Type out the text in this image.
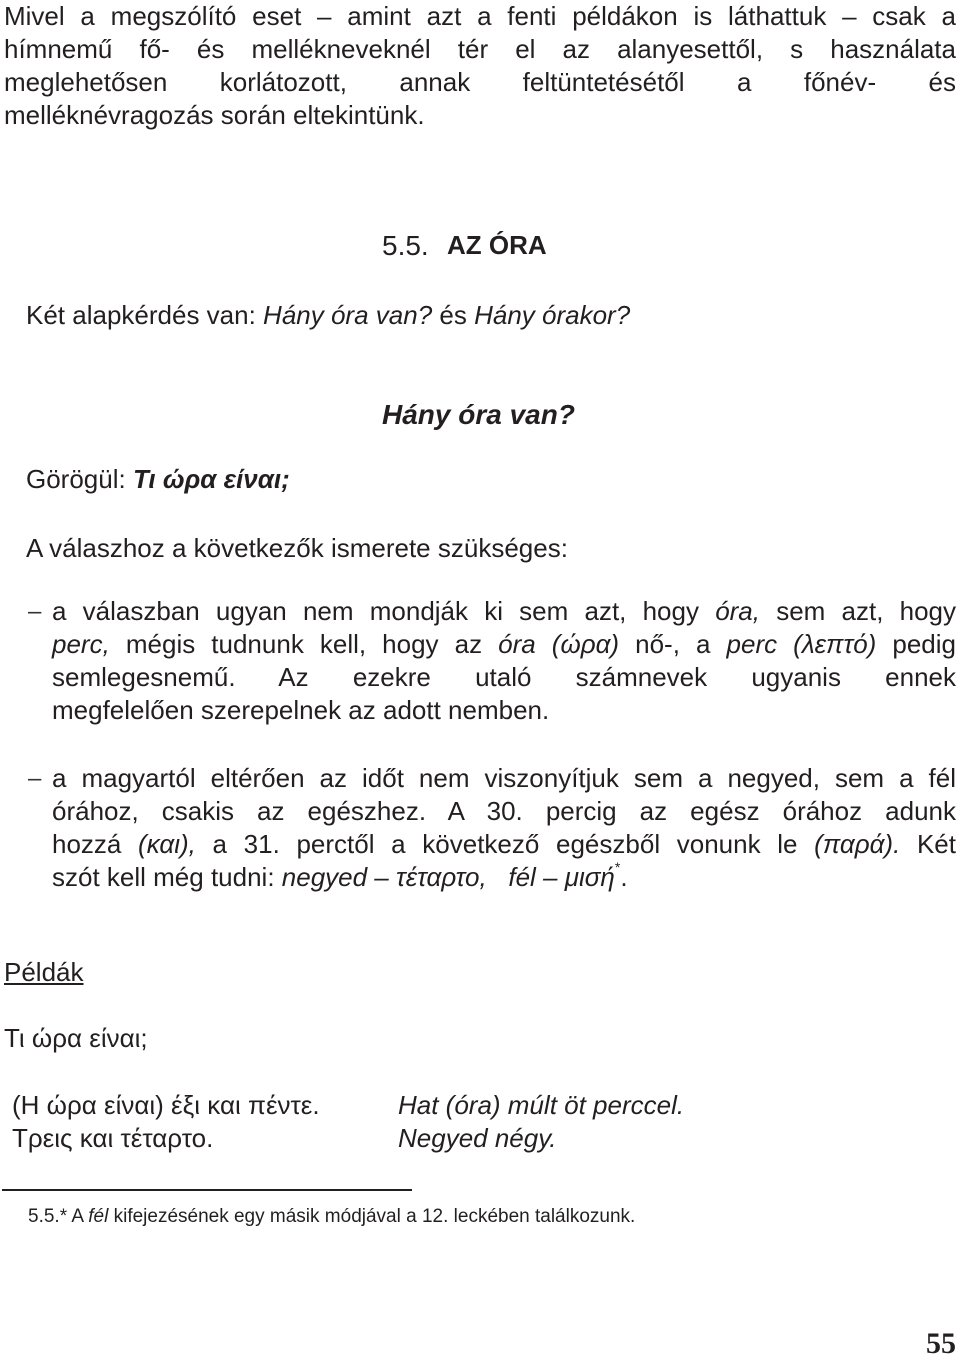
Mivel a megszólító eset – amint azt a fenti példákon is láthattuk – csak a
hímnemű fő- és mellékneveknél tér el az alanyesettől, s használata
meglehetősen korlátozott, annak feltüntetésétől a főnév- és
melléknévragozás során eltekintünk.
5.5. AZ ÓRA

Két alapkérdés van: Hány óra van? és Hány órakor?

Hány óra van?

Görögül: Τι ώρα είναι;

A válaszhoz a következők ismerete szükséges:

– a válaszban ugyan nem mondják ki sem azt, hogy óra, sem azt, hogy
perc, mégis tudnunk kell, hogy az óra (ώρα) nő-, a perc (λεπτό) pedig
semlegesnemű. Az ezekre utaló számnevek ugyanis ennek
megfelelően szerepelnek az adott nemben.
– a magyartól eltérően az időt nem viszonyítjuk sem a negyed, sem a fél
órához, csakis az egészhez. A 30. percig az egész órához adunk
hozzá (και), a 31. perctől a következő egészből vonunk le (παρά). Két
szót kell még tudni: negyed – τέταρτο,   fél – μισή*.
Példák
Τι ώρα είναι;
(Η ώρα είναι) έξι και πέντε.	Hat (óra) múlt öt perccel.
Τρεις και τέταρτο.	Negyed négy.

5.5.* A fél kifejezésének egy másik módjával a 12. leckében találkozunk.

55
